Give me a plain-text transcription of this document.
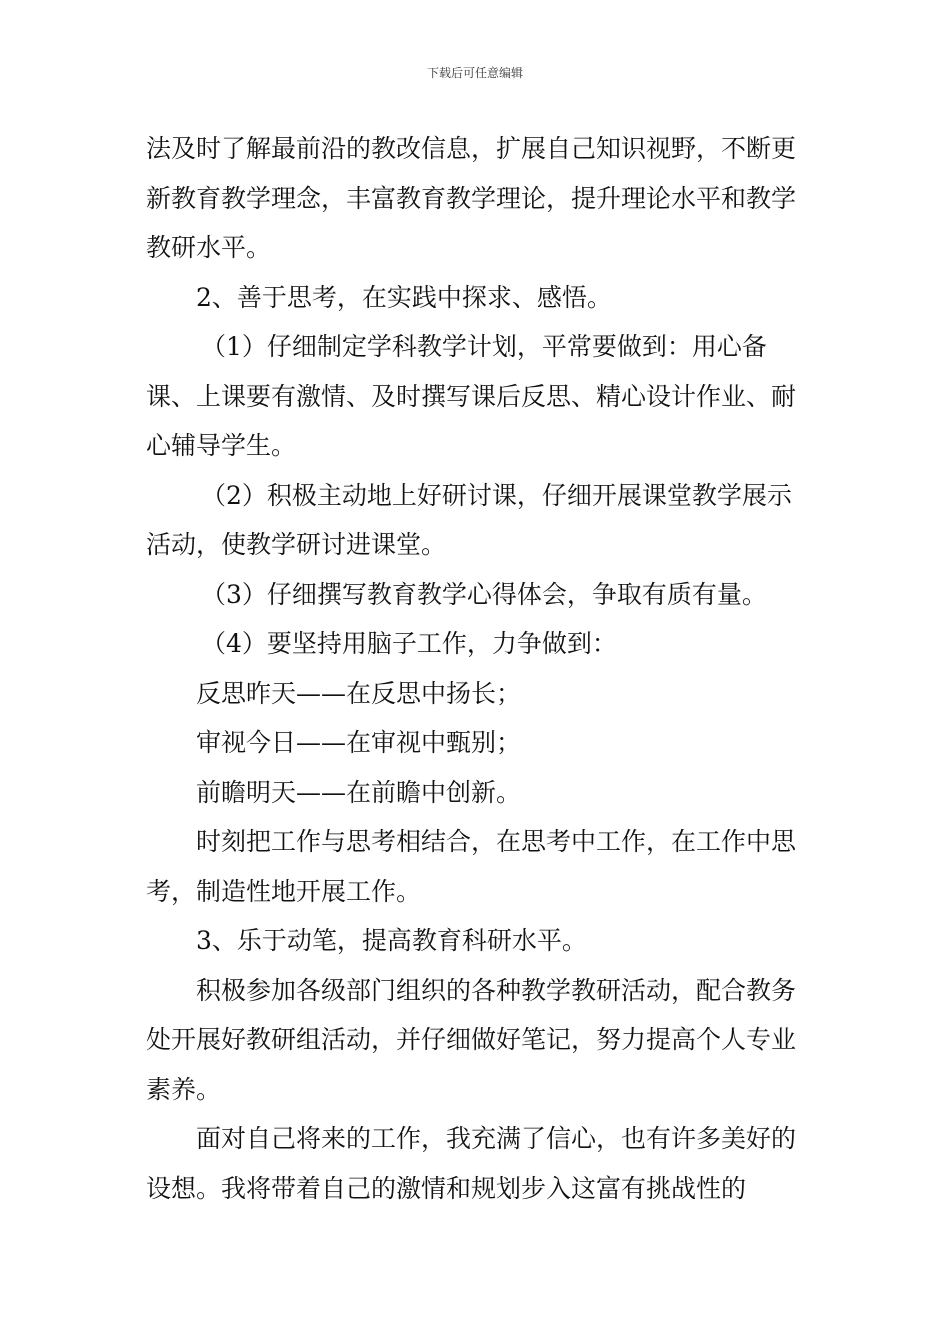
下载后可任意编辑

法及时了解最前沿的教改信息，扩展自己知识视野，不断更新教育教学理念，丰富教育教学理论，提升理论水平和教学教研水平。

2、善于思考，在实践中探求、感悟。

（1）仔细制定学科教学计划，平常要做到：用心备课、上课要有激情、及时撰写课后反思、精心设计作业、耐心辅导学生。

（2）积极主动地上好研讨课，仔细开展课堂教学展示活动，使教学研讨进课堂。

（3）仔细撰写教育教学心得体会，争取有质有量。

（4）要坚持用脑子工作，力争做到：

反思昨天——在反思中扬长；

审视今日——在审视中甄别；

前瞻明天——在前瞻中创新。

时刻把工作与思考相结合，在思考中工作，在工作中思考，制造性地开展工作。

3、乐于动笔，提高教育科研水平。

积极参加各级部门组织的各种教学教研活动，配合教务处开展好教研组活动，并仔细做好笔记，努力提高个人专业素养。

面对自己将来的工作，我充满了信心，也有许多美好的设想。我将带着自己的激情和规划步入这富有挑战性的
